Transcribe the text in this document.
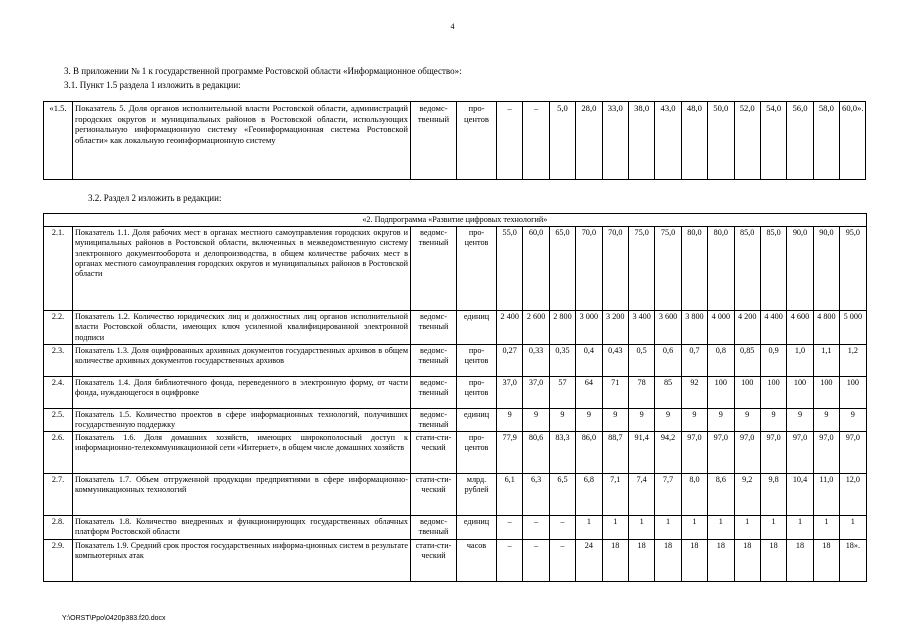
4
3. В приложении № 1 к государственной программе Ростовской области «Информационное общество»:
3.1. Пункт 1.5 раздела 1 изложить в редакции:
«1.5.	Показатель 5. Доля органов исполнительной власти Ростовской области, администраций городских округов и муниципальных районов в Ростовской области, использующих региональную информационную систему «Геоинформационная система Ростовской области» как локальную геоинформационную систему	ведомс-твенный	про-центов	–	–	5,0	28,0	33,0	38,0	43,0	48,0	50,0	52,0	54,0	56,0	58,0	60,0».
3.2. Раздел 2 изложить в редакции:
«2. Подпрограмма «Развитие цифровых технологий»																	
2.1.	Показатель 1.1. Доля рабочих мест в органах местного самоуправления городских округов и муниципальных районов в Ростовской области, включенных в межведомственную систему электронного документооборота и делопроизводства, в общем количестве рабочих мест в органах местного самоуправления городских округов и муниципальных районов в Ростовской области	ведомс-твенный	про-центов	55,0	60,0	65,0	70,0	70,0	75,0	75,0	80,0	80,0	85,0	85,0	90,0	90,0	95,0
2.2.	Показатель 1.2. Количество юридических лиц и должностных лиц органов исполнительной власти Ростовской области, имеющих ключ усиленной квалифицированной электронной подписи	ведомс-твенный	единиц	2 400	2 600	2 800	3 000	3 200	3 400	3 600	3 800	4 000	4 200	4 400	4 600	4 800	5 000
2.3.	Показатель 1.3. Доля оцифрованных архивных документов государственных архивов в общем количестве архивных документов государственных архивов	ведомс-твенный	про-центов	0,27	0,33	0,35	0,4	0,43	0,5	0,6	0,7	0,8	0,85	0,9	1,0	1,1	1,2
2.4.	Показатель 1.4. Доля библиотечного фонда, переведенного в электронную форму, от части фонда, нуждающегося в оцифровке	ведомс-твенный	про-центов	37,0	37,0	57	64	71	78	85	92	100	100	100	100	100	100
2.5.	Показатель 1.5. Количество проектов в сфере информационных технологий, получивших государственную поддержку	ведомс-твенный	единиц	9	9	9	9	9	9	9	9	9	9	9	9	9	9
2.6.	Показатель 1.6. Доля домашних хозяйств, имеющих широкополосный доступ к информационно-телекоммуникационной сети «Интернет», в общем числе домашних хозяйств	стати-сти-ческий	про-центов	77,9	80,6	83,3	86,0	88,7	91,4	94,2	97,0	97,0	97,0	97,0	97,0	97,0	97,0
2.7.	Показатель 1.7. Объем отгруженной продукции предприятиями в сфере информационно-коммуникационных технологий	стати-сти-ческий	млрд. рублей	6,1	6,3	6,5	6,8	7,1	7,4	7,7	8,0	8,6	9,2	9,8	10,4	11,0	12,0
2.8.	Показатель 1.8. Количество внедренных и функционирующих государственных облачных платформ Ростовской области	ведомс-твенный	единиц	–	–	–	1	1	1	1	1	1	1	1	1	1	1
2.9.	Показатель 1.9. Средний срок простоя государственных информа-ционных систем в результате компьютерных атак	стати-сти-ческий	часов	–	–	–	24	18	18	18	18	18	18	18	18	18	18».
Y:\ORST\Ppo\0420p383.f20.docx
